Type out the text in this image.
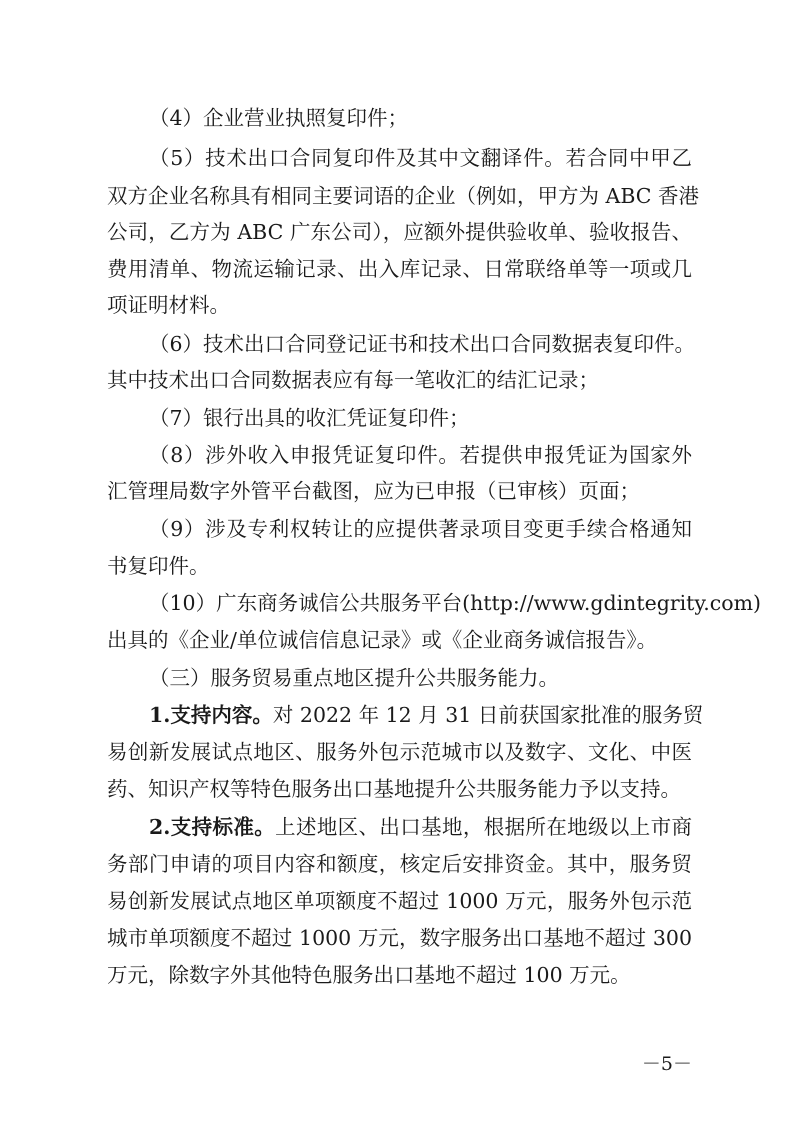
（4）企业营业执照复印件；
（5）技术出口合同复印件及其中文翻译件。若合同中甲乙
双方企业名称具有相同主要词语的企业（例如，甲方为 ABC 香港
公司，乙方为 ABC 广东公司），应额外提供验收单、验收报告、
费用清单、物流运输记录、出入库记录、日常联络单等一项或几
项证明材料。
（6）技术出口合同登记证书和技术出口合同数据表复印件。
其中技术出口合同数据表应有每一笔收汇的结汇记录；
（7）银行出具的收汇凭证复印件；
（8）涉外收入申报凭证复印件。若提供申报凭证为国家外
汇管理局数字外管平台截图，应为已申报（已审核）页面；
（9）涉及专利权转让的应提供著录项目变更手续合格通知
书复印件。
（10）广东商务诚信公共服务平台(http://www.gdintegrity.com)
出具的《企业/单位诚信信息记录》或《企业商务诚信报告》。
（三）服务贸易重点地区提升公共服务能力。
1.支持内容。对 2022 年 12 月 31 日前获国家批准的服务贸
易创新发展试点地区、服务外包示范城市以及数字、文化、中医
药、知识产权等特色服务出口基地提升公共服务能力予以支持。
2.支持标准。上述地区、出口基地，根据所在地级以上市商
务部门申请的项目内容和额度，核定后安排资金。其中，服务贸
易创新发展试点地区单项额度不超过 1000 万元，服务外包示范
城市单项额度不超过 1000 万元，数字服务出口基地不超过 300
万元，除数字外其他特色服务出口基地不超过 100 万元。
－5－
